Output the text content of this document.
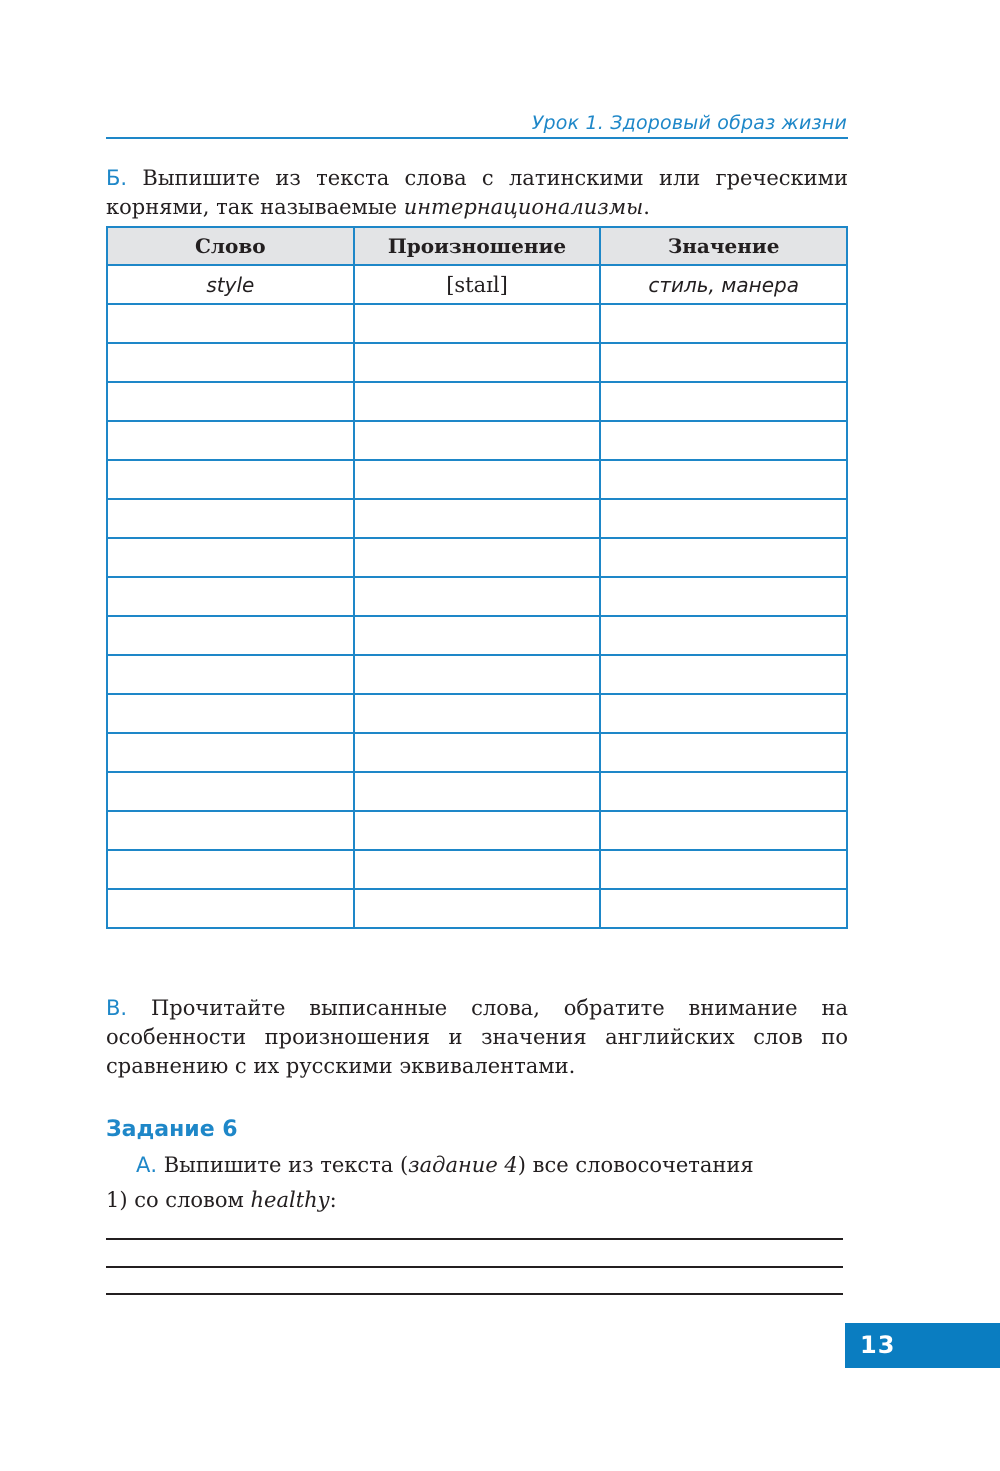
Урок 1. Здоровый образ жизни
Б. Выпишите из текста слова с латинскими или греческими корнями, так называемые интернационализмы.
Слово	Произношение	Значение
style	[staɪl]	стиль, манера

В. Прочитайте выписанные слова, обратите внимание на особенности произношения и значения английских слов по сравнению с их русскими эквивалентами.
Задание 6
А. Выпишите из текста (задание 4) все словосочетания
1) со словом healthy:
13
